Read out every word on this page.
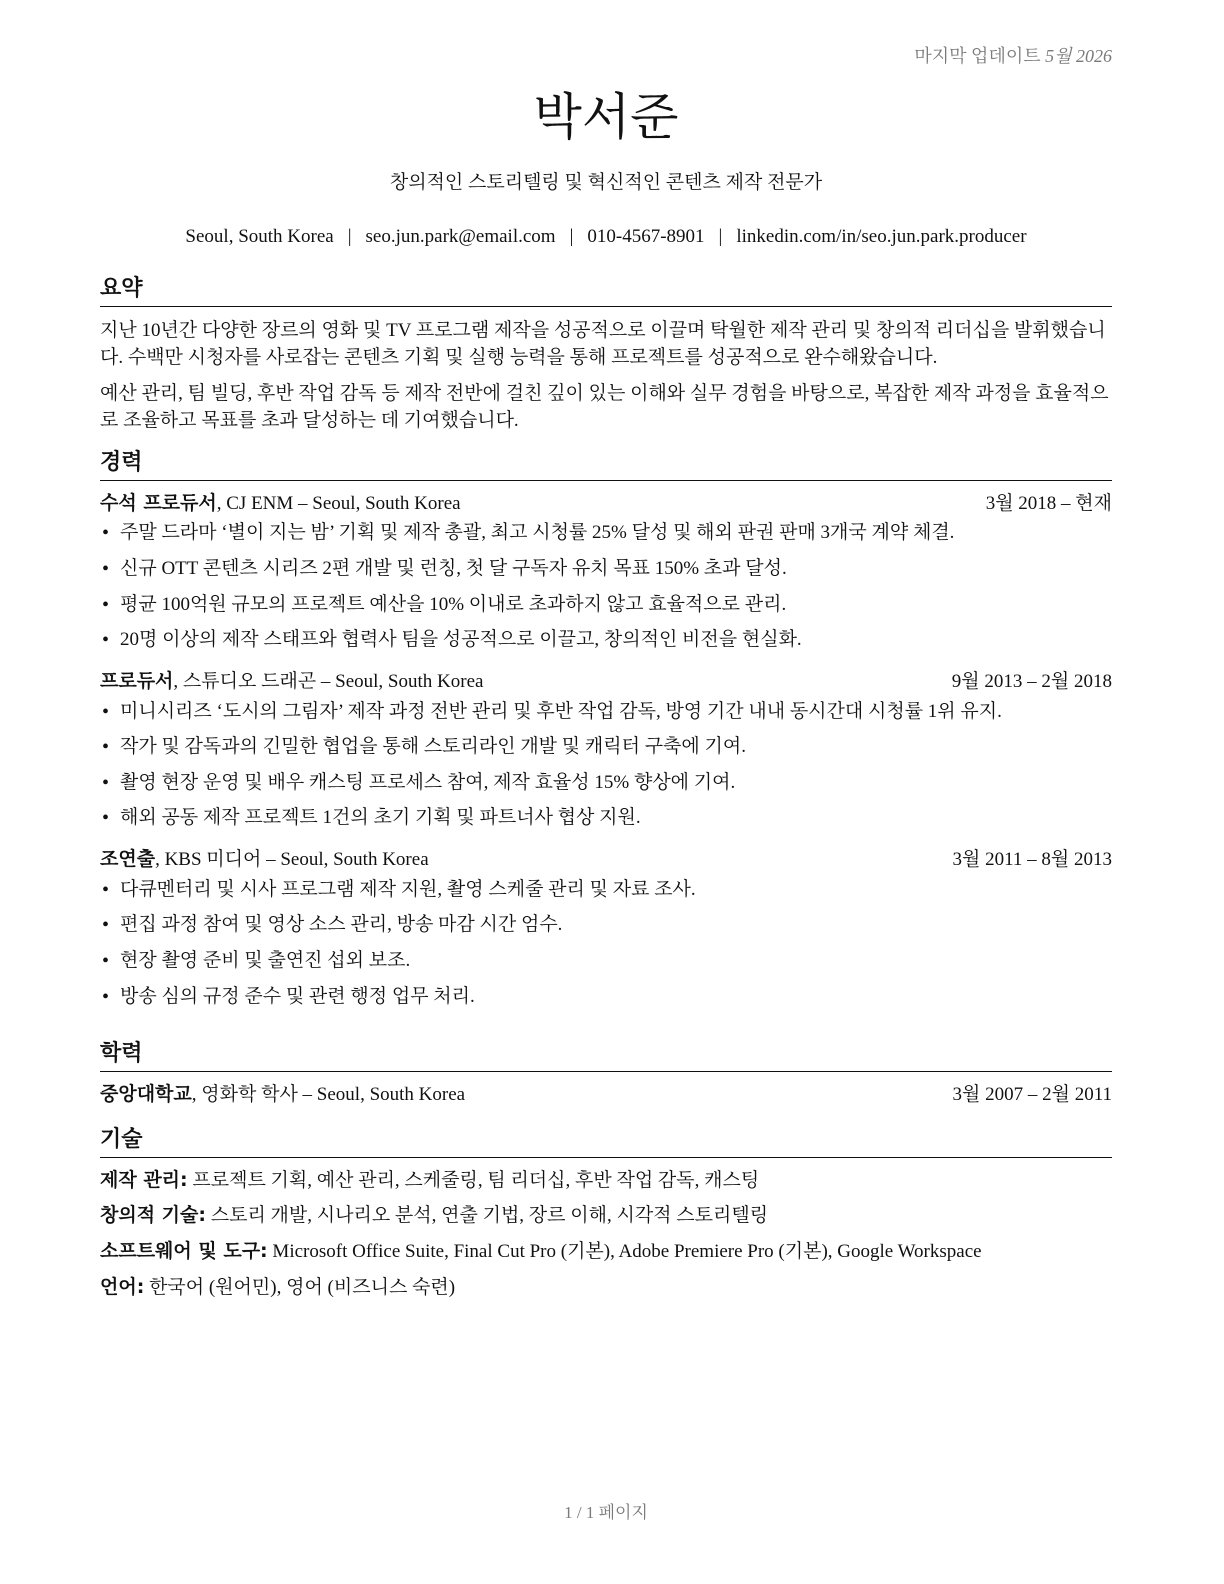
마지막 업데이트 5월 2026
박서준
창의적인 스토리텔링 및 혁신적인 콘텐츠 제작 전문가
Seoul, South Korea | seo.jun.park@email.com | 010-4567-8901 | linkedin.com/in/seo.jun.park.producer
요약

지난 10년간 다양한 장르의 영화 및 TV 프로그램 제작을 성공적으로 이끌며 탁월한 제작 관리 및 창의적 리더십을 발휘했습니다. 수백만 시청자를 사로잡는 콘텐츠 기획 및 실행 능력을 통해 프로젝트를 성공적으로 완수해왔습니다.

예산 관리, 팀 빌딩, 후반 작업 감독 등 제작 전반에 걸친 깊이 있는 이해와 실무 경험을 바탕으로, 복잡한 제작 과정을 효율적으로 조율하고 목표를 초과 달성하는 데 기여했습니다.

경력
수석 프로듀서, CJ ENM – Seoul, South Korea	3월 2018 – 현재
• 주말 드라마 ‘별이 지는 밤’ 기획 및 제작 총괄, 최고 시청률 25% 달성 및 해외 판권 판매 3개국 계약 체결.
• 신규 OTT 콘텐츠 시리즈 2편 개발 및 런칭, 첫 달 구독자 유치 목표 150% 초과 달성.
• 평균 100억원 규모의 프로젝트 예산을 10% 이내로 초과하지 않고 효율적으로 관리.
• 20명 이상의 제작 스태프와 협력사 팀을 성공적으로 이끌고, 창의적인 비전을 현실화.
프로듀서, 스튜디오 드래곤 – Seoul, South Korea	9월 2013 – 2월 2018
• 미니시리즈 ‘도시의 그림자’ 제작 과정 전반 관리 및 후반 작업 감독, 방영 기간 내내 동시간대 시청률 1위 유지.
• 작가 및 감독과의 긴밀한 협업을 통해 스토리라인 개발 및 캐릭터 구축에 기여.
• 촬영 현장 운영 및 배우 캐스팅 프로세스 참여, 제작 효율성 15% 향상에 기여.
• 해외 공동 제작 프로젝트 1건의 초기 기획 및 파트너사 협상 지원.
조연출, KBS 미디어 – Seoul, South Korea	3월 2011 – 8월 2013
• 다큐멘터리 및 시사 프로그램 제작 지원, 촬영 스케줄 관리 및 자료 조사.
• 편집 과정 참여 및 영상 소스 관리, 방송 마감 시간 엄수.
• 현장 촬영 준비 및 출연진 섭외 보조.
• 방송 심의 규정 준수 및 관련 행정 업무 처리.
학력
중앙대학교, 영화학 학사 – Seoul, South Korea	3월 2007 – 2월 2011
기술
제작 관리: 프로젝트 기획, 예산 관리, 스케줄링, 팀 리더십, 후반 작업 감독, 캐스팅
창의적 기술: 스토리 개발, 시나리오 분석, 연출 기법, 장르 이해, 시각적 스토리텔링
소프트웨어 및 도구: Microsoft Office Suite, Final Cut Pro (기본), Adobe Premiere Pro (기본), Google Workspace
언어: 한국어 (원어민), 영어 (비즈니스 숙련)
1 / 1 페이지
